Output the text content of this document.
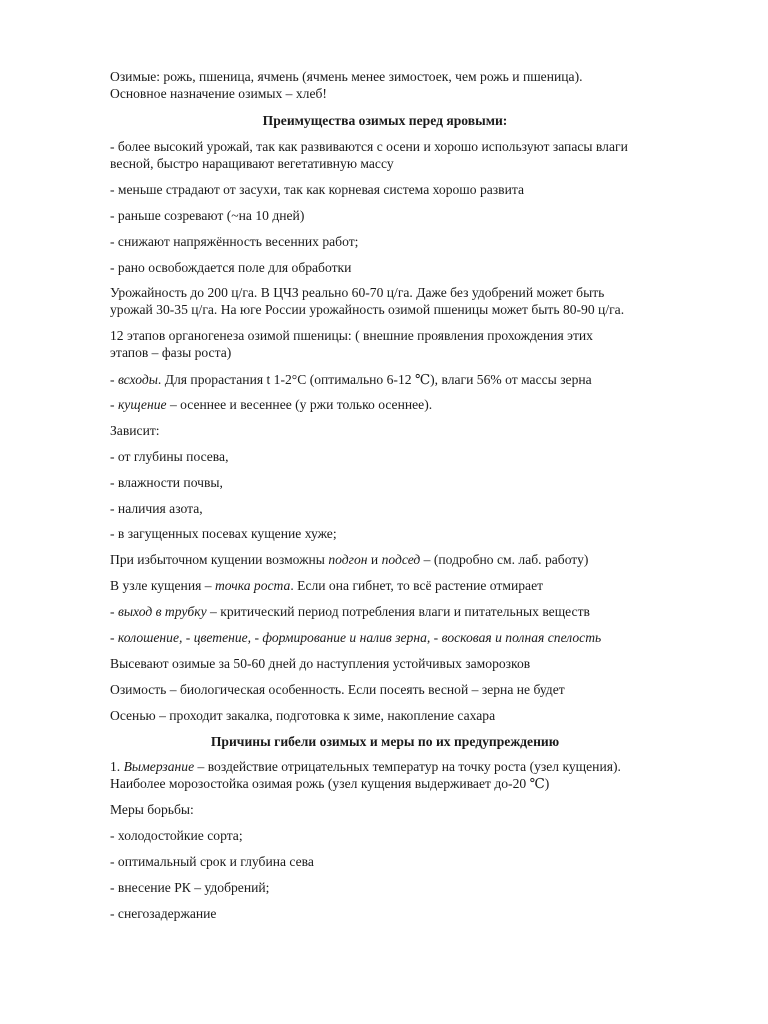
Озимые: рожь, пшеница, ячмень (ячмень менее зимостоек, чем рожь и пшеница).
Основное назначение озимых – хлеб!
Преимущества озимых перед яровыми:
- более высокий урожай, так как развиваются с осени и хорошо используют запасы влаги
весной, быстро наращивают вегетативную массу
- меньше страдают от засухи, так как корневая система хорошо развита
- раньше созревают (~на 10 дней)
- снижают напряжённость весенних работ;
- рано освобождается поле для обработки
Урожайность до 200 ц/га. В ЦЧЗ реально 60-70 ц/га. Даже без удобрений может быть
урожай 30-35 ц/га. На юге России урожайность озимой пшеницы может быть 80-90 ц/га.
12 этапов органогенеза озимой пшеницы: ( внешние проявления прохождения этих
этапов – фазы роста)
- всходы. Для прорастания t 1-2°С (оптимально 6-12 ℃), влаги 56% от массы зерна
- кущение – осеннее и весеннее (у ржи только осеннее).
Зависит:
- от глубины посева,
- влажности почвы,
- наличия азота,
- в загущенных посевах кущение хуже;
При избыточном кущении возможны подгон и подсед – (подробно см. лаб. работу)
В узле кущения – точка роста. Если она гибнет, то всё растение отмирает
- выход в трубку – критический период потребления влаги и питательных веществ
- колошение, - цветение, - формирование и налив зерна, - восковая и полная спелость
Высевают озимые за 50-60 дней до наступления устойчивых заморозков
Озимость – биологическая особенность. Если посеять весной – зерна не будет
Осенью – проходит закалка, подготовка к зиме, накопление сахара
Причины гибели озимых и меры по их предупреждению
1. Вымерзание – воздействие отрицательных температур на точку роста (узел кущения).
Наиболее морозостойка озимая рожь (узел кущения выдерживает до-20 ℃)
Меры борьбы:
- холодостойкие сорта;
- оптимальный срок и глубина сева
- внесение РК – удобрений;
- снегозадержание
